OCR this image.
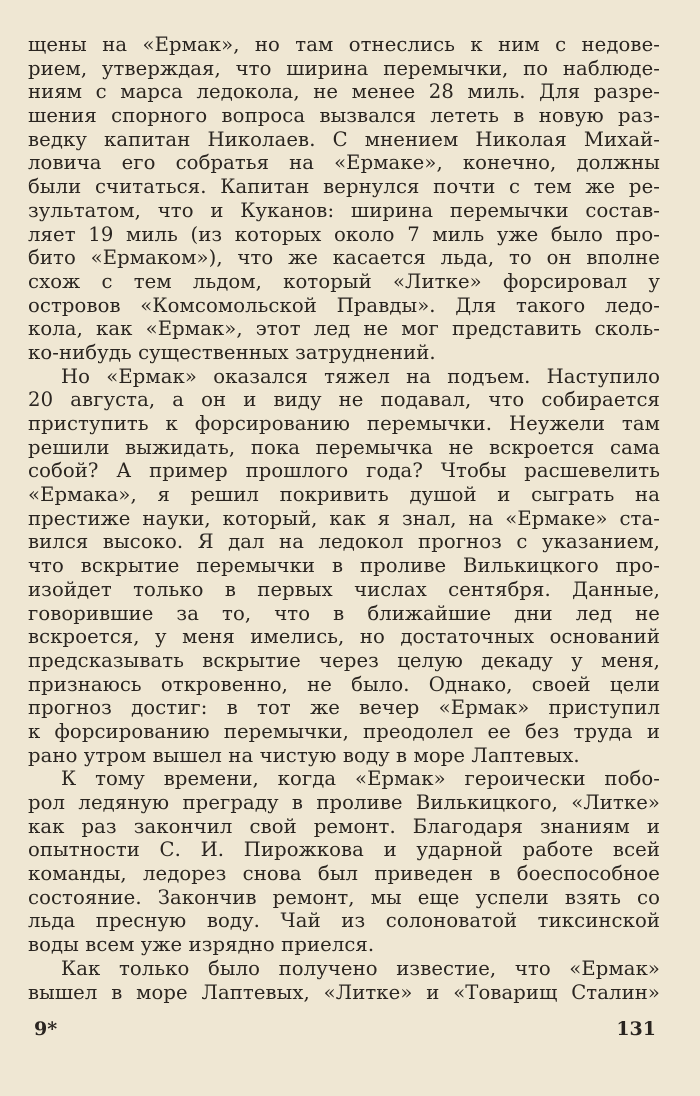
щены на «Ермак», но там отнеслись к ним с недове-
рием, утверждая, что ширина перемычки, по наблюде-
ниям с марса ледокола, не менее 28 миль. Для разре-
шения спорного вопроса вызвался лететь в новую раз-
ведку капитан Николаев. С мнением Николая Михай-
ловича его собратья на «Ермаке», конечно, должны
были считаться. Капитан вернулся почти с тем же ре-
зультатом, что и Куканов: ширина перемычки состав-
ляет 19 миль (из которых около 7 миль уже было про-
бито «Ермаком»), что же касается льда, то он вполне
схож с тем льдом, который «Литке» форсировал у
островов «Комсомольской Правды». Для такого ледо-
кола, как «Ермак», этот лед не мог представить сколь-
ко-нибудь существенных затруднений.
Но «Ермак» оказался тяжел на подъем. Наступило
20 августа, а он и виду не подавал, что собирается
приступить к форсированию перемычки. Неужели там
решили выжидать, пока перемычка не вскроется сама
собой? А пример прошлого года? Чтобы расшевелить
«Ермака», я решил покривить душой и сыграть на
престиже науки, который, как я знал, на «Ермаке» ста-
вился высоко. Я дал на ледокол прогноз с указанием,
что вскрытие перемычки в проливе Вилькицкого про-
изойдет только в первых числах сентября. Данные,
говорившие за то, что в ближайшие дни лед не
вскроется, у меня имелись, но достаточных оснований
предсказывать вскрытие через целую декаду у меня,
признаюсь откровенно, не было. Однако, своей цели
прогноз достиг: в тот же вечер «Ермак» приступил
к форсированию перемычки, преодолел ее без труда и
рано утром вышел на чистую воду в море Лаптевых.
К тому времени, когда «Ермак» героически побо-
рол ледяную преграду в проливе Вилькицкого, «Литке»
как раз закончил свой ремонт. Благодаря знаниям и
опытности С. И. Пирожкова и ударной работе всей
команды, ледорез снова был приведен в боеспособное
состояние. Закончив ремонт, мы еще успели взять со
льда пресную воду. Чай из солоноватой тиксинской
воды всем уже изрядно приелся.
Как только было получено известие, что «Ермак»
вышел в море Лаптевых, «Литке» и «Товарищ Сталин»
9*	131
